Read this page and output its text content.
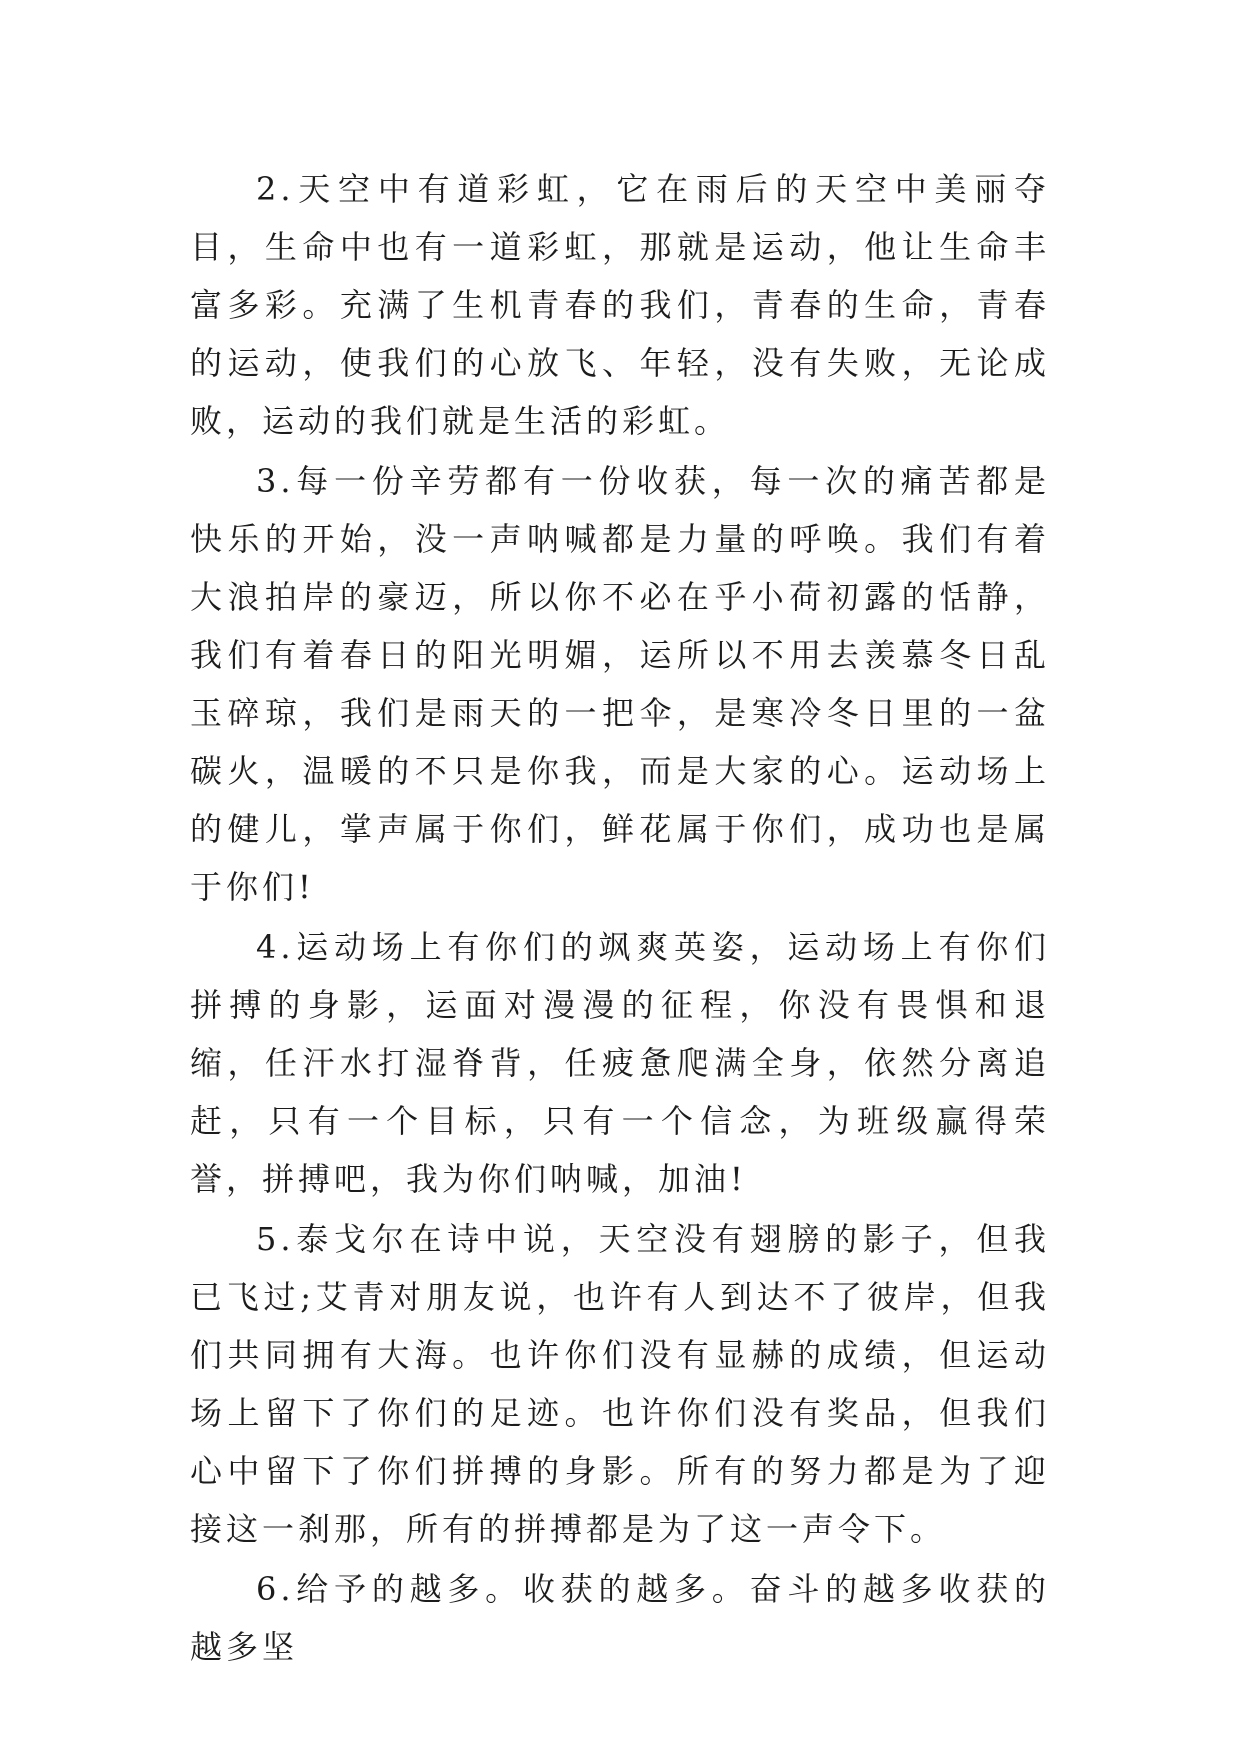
2.天空中有道彩虹，它在雨后的天空中美丽夺目，生命中也有一道彩虹，那就是运动，他让生命丰富多彩。充满了生机青春的我们，青春的生命，青春的运动，使我们的心放飞、年轻，没有失败，无论成败，运动的我们就是生活的彩虹。

3.每一份辛劳都有一份收获，每一次的痛苦都是快乐的开始，没一声呐喊都是力量的呼唤。我们有着大浪拍岸的豪迈，所以你不必在乎小荷初露的恬静，我们有着春日的阳光明媚，运所以不用去羡慕冬日乱玉碎琼，我们是雨天的一把伞，是寒冷冬日里的一盆碳火，温暖的不只是你我，而是大家的心。运动场上的健儿，掌声属于你们，鲜花属于你们，成功也是属于你们!

4.运动场上有你们的飒爽英姿，运动场上有你们拼搏的身影，运面对漫漫的征程，你没有畏惧和退缩，任汗水打湿脊背，任疲惫爬满全身，依然分离追赶，只有一个目标，只有一个信念，为班级赢得荣誉，拼搏吧，我为你们呐喊，加油!

5.泰戈尔在诗中说，天空没有翅膀的影子，但我已飞过;艾青对朋友说，也许有人到达不了彼岸，但我们共同拥有大海。也许你们没有显赫的成绩，但运动场上留下了你们的足迹。也许你们没有奖品，但我们心中留下了你们拼搏的身影。所有的努力都是为了迎接这一刹那，所有的拼搏都是为了这一声令下。

6.给予的越多。收获的越多。奋斗的越多收获的越多坚
